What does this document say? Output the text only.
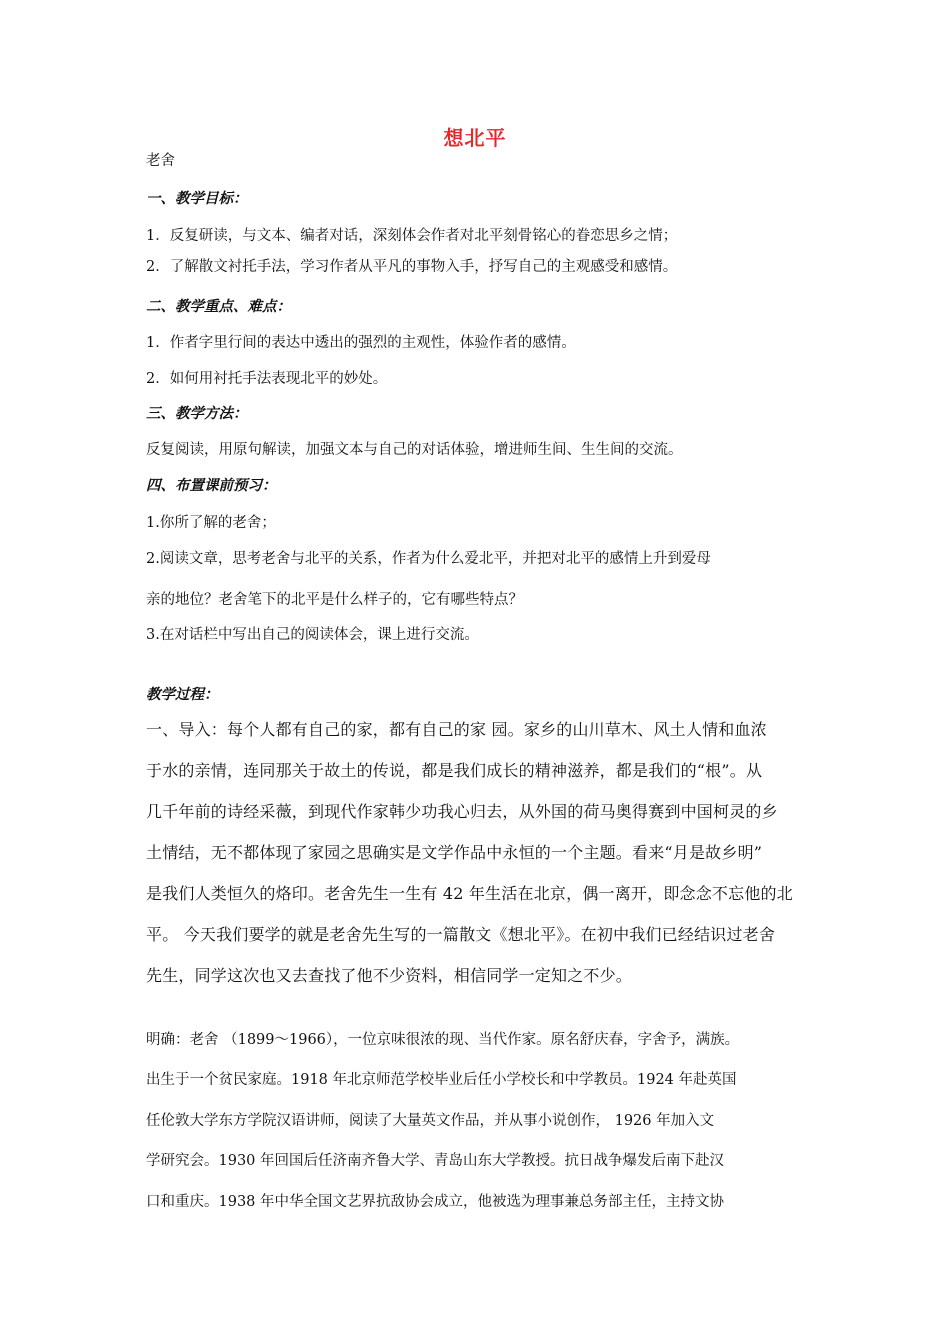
想北平
老舍
一、教学目标：
1．反复研读，与文本、编者对话，深刻体会作者对北平刻骨铭心的眷恋思乡之情；
2．了解散文衬托手法，学习作者从平凡的事物入手，抒写自己的主观感受和感情。
二、教学重点、难点：
1．作者字里行间的表达中透出的强烈的主观性，体验作者的感情。
2．如何用衬托手法表现北平的妙处。
三、教学方法：
反复阅读，用原句解读，加强文本与自己的对话体验，增进师生间、生生间的交流。
四、布置课前预习：
1.你所了解的老舍；
2.阅读文章，思考老舍与北平的关系，作者为什么爱北平，并把对北平的感情上升到爱母
亲的地位？老舍笔下的北平是什么样子的，它有哪些特点？
3.在对话栏中写出自己的阅读体会，课上进行交流。
教学过程：
一、导入：每个人都有自己的家，都有自己的家 园。家乡的山川草木、风土人情和血浓
于水的亲情，连同那关于故土的传说，都是我们成长的精神滋养，都是我们的“根”。从
几千年前的诗经采薇，到现代作家韩少功我心归去，从外国的荷马奥得赛到中国柯灵的乡
土情结，无不都体现了家园之思确实是文学作品中永恒的一个主题。看来“月是故乡明”
是我们人类恒久的烙印。老舍先生一生有 42 年生活在北京，偶一离开，即念念不忘他的北
平。 今天我们要学的就是老舍先生写的一篇散文《想北平》。在初中我们已经结识过老舍
先生，同学这次也又去查找了他不少资料，相信同学一定知之不少。
明确：老舍 （1899～1966），一位京味很浓的现、当代作家。原名舒庆春，字舍予，满族。
出生于一个贫民家庭。1918 年北京师范学校毕业后任小学校长和中学教员。1924 年赴英国
任伦敦大学东方学院汉语讲师，阅读了大量英文作品，并从事小说创作， 1926 年加入文
学研究会。1930 年回国后任济南齐鲁大学、青岛山东大学教授。抗日战争爆发后南下赴汉
口和重庆。1938 年中华全国文艺界抗敌协会成立，他被选为理事兼总务部主任，主持文协
